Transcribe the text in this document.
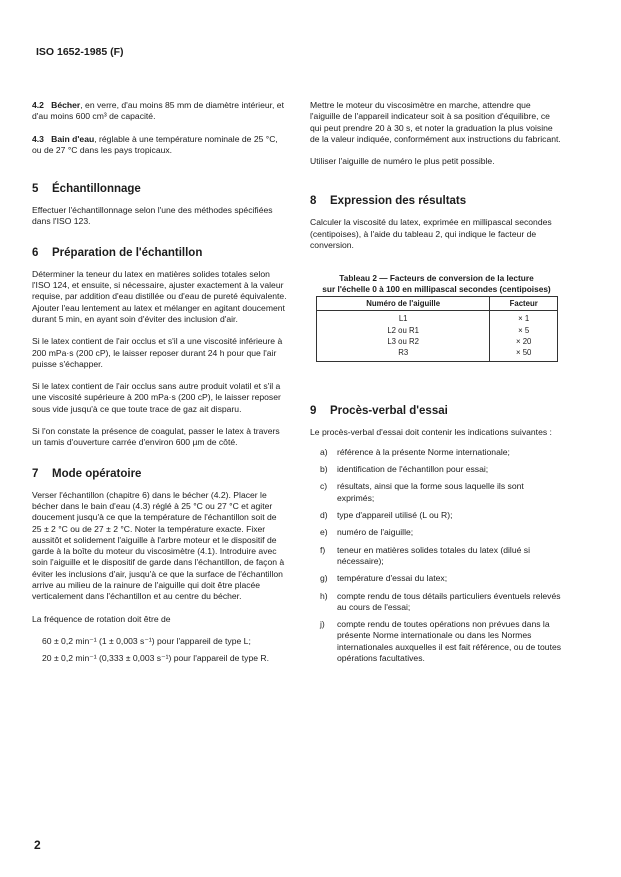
ISO 1652-1985 (F)

4.2 Bécher, en verre, d'au moins 85 mm de diamètre intérieur, et d'au moins 600 cm³ de capacité.

4.3 Bain d'eau, réglable à une température nominale de 25 °C, ou de 27 °C dans les pays tropicaux.

5 Échantillonnage

Effectuer l'échantillonnage selon l'une des méthodes spécifiées dans l'ISO 123.

6 Préparation de l'échantillon

Déterminer la teneur du latex en matières solides totales selon l'ISO 124, et ensuite, si nécessaire, ajuster exactement à la valeur requise, par addition d'eau distillée ou d'eau de pureté équivalente. Ajouter l'eau lentement au latex et mélanger en agitant doucement durant 5 min, en ayant soin d'éviter des inclusion d'air.

Si le latex contient de l'air occlus et s'il a une viscosité inférieure à 200 mPa·s (200 cP), le laisser reposer durant 24 h pour que l'air puisse s'échapper.

Si le latex contient de l'air occlus sans autre produit volatil et s'il a une viscosité supérieure à 200 mPa·s (200 cP), le laisser reposer sous vide jusqu'à ce que toute trace de gaz ait disparu.

Si l'on constate la présence de coagulat, passer le latex à travers un tamis d'ouverture carrée d'environ 600 µm de côté.

7 Mode opératoire

Verser l'échantillon (chapitre 6) dans le bécher (4.2). Placer le bécher dans le bain d'eau (4.3) réglé à 25 °C ou 27 °C et agiter doucement jusqu'à ce que la température de l'échantillon soit de 25 ± 2 °C ou de 27 ± 2 °C. Noter la température exacte. Fixer aussitôt et solidement l'aiguille à l'arbre moteur et le dispositif de garde à la boîte du moteur du viscosimètre (4.1). Introduire avec soin l'aiguille et le dispositif de garde dans l'échantillon, de façon à éviter les inclusions d'air, jusqu'à ce que la surface de l'échantillon arrive au milieu de la rainure de l'aiguille qui doit être placée verticalement dans l'échantillon et au centre du bécher.

La fréquence de rotation doit être de

60 ± 0,2 min⁻¹ (1 ± 0,003 s⁻¹) pour l'appareil de type L;

20 ± 0,2 min⁻¹ (0,333 ± 0,003 s⁻¹) pour l'appareil de type R.

Mettre le moteur du viscosimètre en marche, attendre que l'aiguille de l'appareil indicateur soit à sa position d'équilibre, ce qui peut prendre 20 à 30 s, et noter la graduation la plus voisine de la valeur indiquée, conformément aux instructions du fabricant.

Utiliser l'aiguille de numéro le plus petit possible.

8 Expression des résultats

Calculer la viscosité du latex, exprimée en millipascal secondes (centipoises), à l'aide du tableau 2, qui indique le facteur de conversion.

Tableau 2 — Facteurs de conversion de la lecture
sur l'échelle 0 à 100 en millipascal secondes (centipoises)

Numéro de l'aiguille	Facteur
L1	× 1
L2 ou R1	× 5
L3 ou R2	× 20
R3	× 50
9 Procès-verbal d'essai

Le procès-verbal d'essai doit contenir les indications suivantes :

a)	référence à la présente Norme internationale;
b)	identification de l'échantillon pour essai;
c)	résultats, ainsi que la forme sous laquelle ils sont exprimés;
d)	type d'appareil utilisé (L ou R);
e)	numéro de l'aiguille;
f)	teneur en matières solides totales du latex (dilué si nécessaire);
g)	température d'essai du latex;
h)	compte rendu de tous détails particuliers éventuels relevés au cours de l'essai;
j)	compte rendu de toutes opérations non prévues dans la présente Norme internationale ou dans les Normes internationales auxquelles il est fait référence, ou de toutes opérations facultatives.
2
